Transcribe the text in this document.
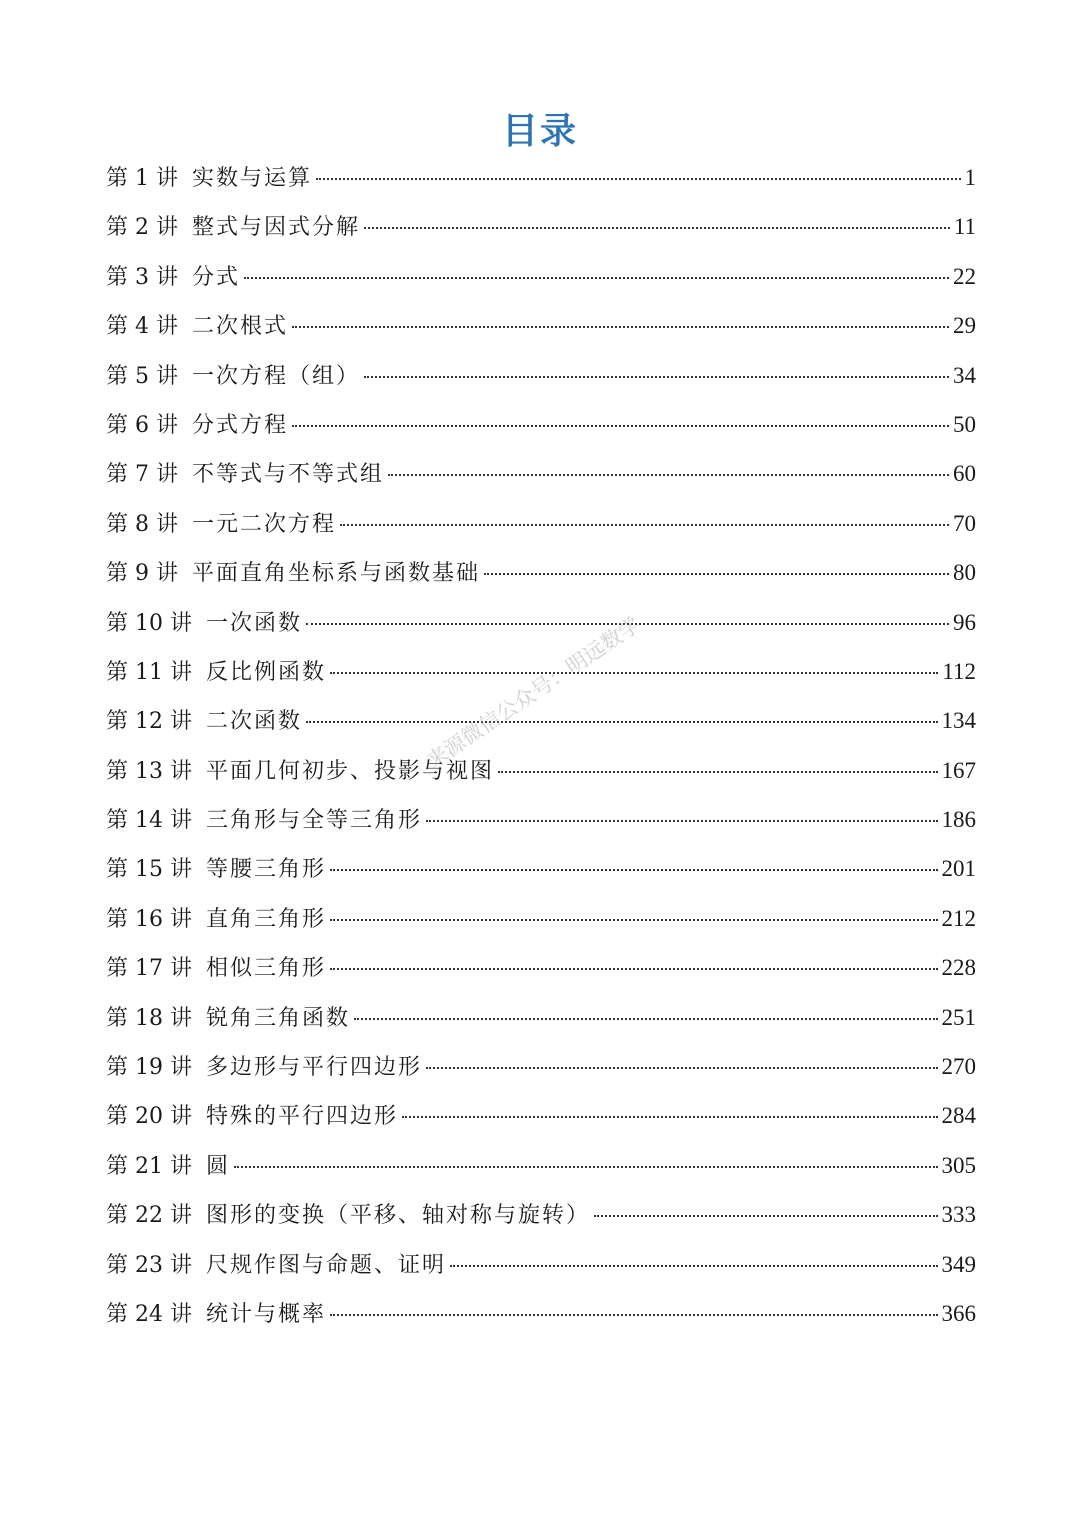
目录
第 1 讲 实数与运算	1
第 2 讲 整式与因式分解	11
第 3 讲 分式	22
第 4 讲 二次根式	29
第 5 讲 一次方程（组）	34
第 6 讲 分式方程	50
第 7 讲 不等式与不等式组	60
第 8 讲 一元二次方程	70
第 9 讲 平面直角坐标系与函数基础	80
第 10 讲 一次函数	96
第 11 讲 反比例函数	112
第 12 讲 二次函数	134
第 13 讲 平面几何初步、投影与视图	167
第 14 讲 三角形与全等三角形	186
第 15 讲 等腰三角形	201
第 16 讲 直角三角形	212
第 17 讲 相似三角形	228
第 18 讲 锐角三角函数	251
第 19 讲 多边形与平行四边形	270
第 20 讲 特殊的平行四边形	284
第 21 讲 圆	305
第 22 讲 图形的变换（平移、轴对称与旋转）	333
第 23 讲 尺规作图与命题、证明	349
第 24 讲 统计与概率	366
来源微信公众号：明远数学
